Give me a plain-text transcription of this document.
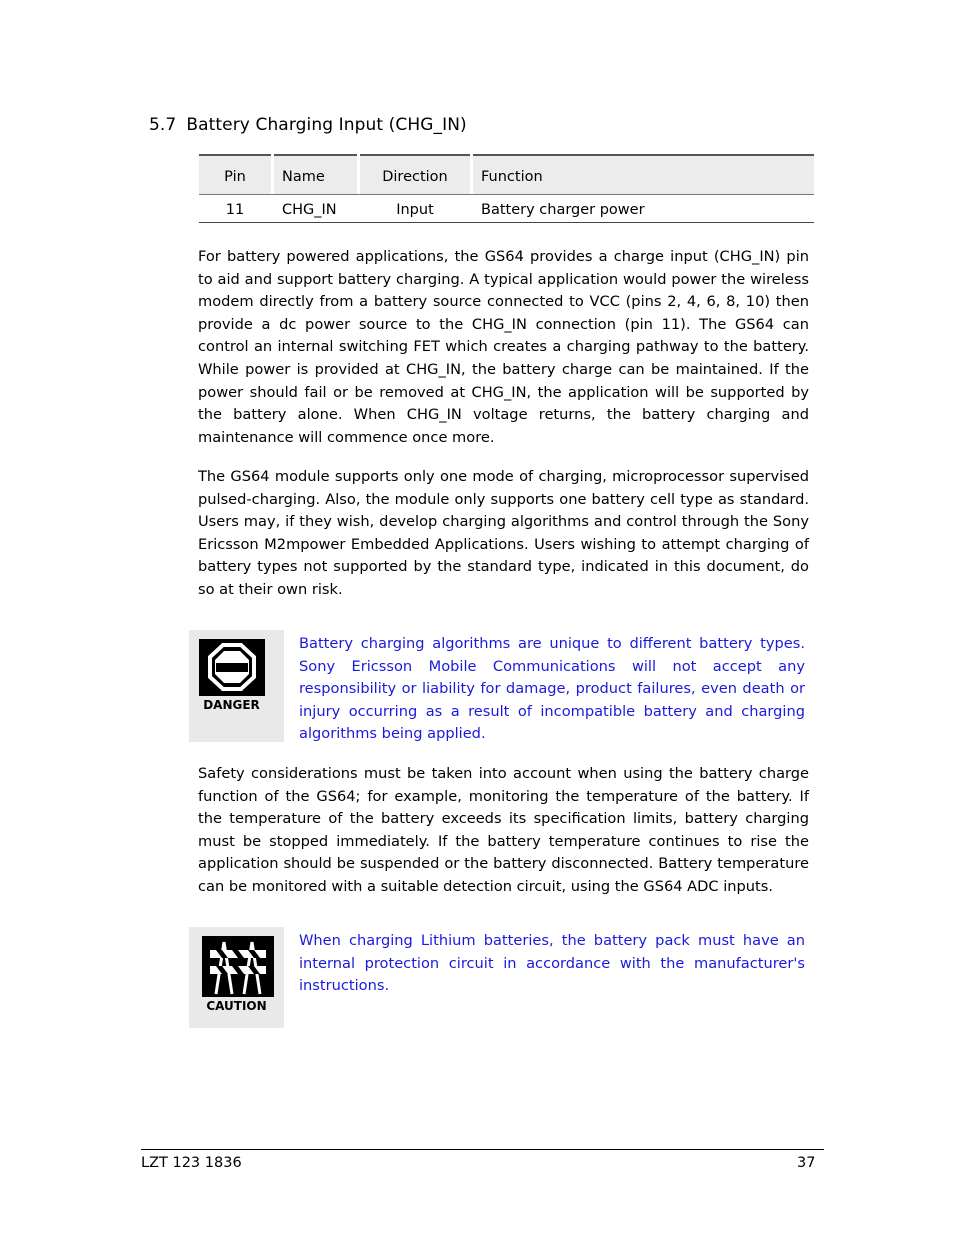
5.7 Battery Charging Input (CHG_IN)
Pin		Name		Direction		Function
11		CHG_IN		Input		Battery charger power
For battery powered applications, the GS64 provides a charge input (CHG_IN) pin to aid and support battery charging. A typical application would power the wireless modem directly from a battery source connected to VCC (pins 2, 4, 6, 8, 10) then provide a dc power source to the CHG_IN connection (pin 11). The GS64 can control an internal switching FET which creates a charging pathway to the battery. While power is provided at CHG_IN, the battery charge can be maintained. If the power should fail or be removed at CHG_IN, the application will be supported by the battery alone. When CHG_IN voltage returns, the battery charging and maintenance will commence once more.
The GS64 module supports only one mode of charging, microprocessor supervised pulsed-charging. Also, the module only supports one battery cell type as standard. Users may, if they wish, develop charging algorithms and control through the Sony Ericsson M2mpower Embedded Applications. Users wishing to attempt charging of battery types not supported by the standard type, indicated in this document, do so at their own risk.
DANGER
Battery charging algorithms are unique to different battery types. Sony Ericsson Mobile Communications will not accept any responsibility or liability for damage, product failures, even death or injury occurring as a result of incompatible battery and charging algorithms being applied.
Safety considerations must be taken into account when using the battery charge function of the GS64; for example, monitoring the temperature of the battery. If the temperature of the battery exceeds its specification limits, battery charging must be stopped immediately. If the battery temperature continues to rise the application should be suspended or the battery disconnected. Battery temperature can be monitored with a suitable detection circuit, using the GS64 ADC inputs.
CAUTION
When charging Lithium batteries, the battery pack must have an internal protection circuit in accordance with the manufacturer's instructions.
LZT 123 1836	37
